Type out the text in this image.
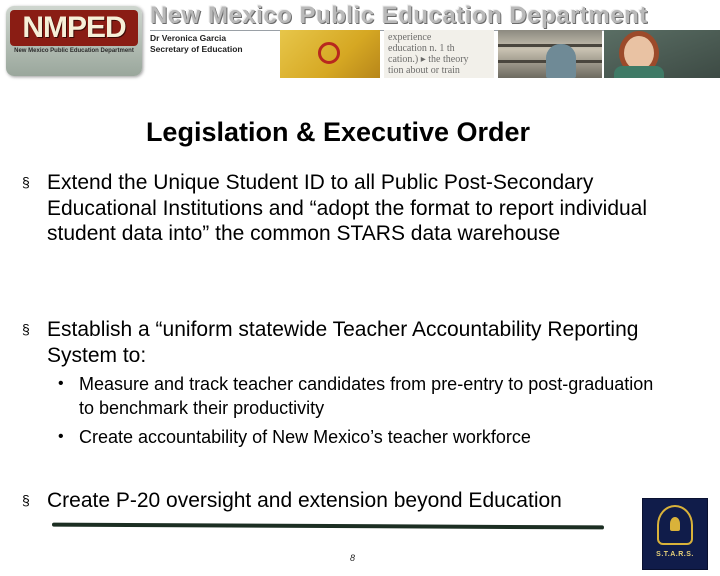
NMPED
New Mexico Public Education Department
New Mexico Public Education Department
Dr Veronica Garcia
Secretary of Education
experience
education n. 1 th
cation.) ▸ the theory
tion about or train
Legislation & Executive Order
§ Extend the Unique Student ID to all Public Post-Secondary Educational Institutions and “adopt the format to report individual student data into” the common STARS data warehouse
§ Establish a “uniform statewide Teacher Accountability Reporting System to:
• Measure and track teacher candidates from pre-entry to post-graduation to benchmark their productivity
• Create accountability of New Mexico’s teacher workforce
§ Create P-20 oversight and extension beyond Education
8	S.T.A.R.S.
